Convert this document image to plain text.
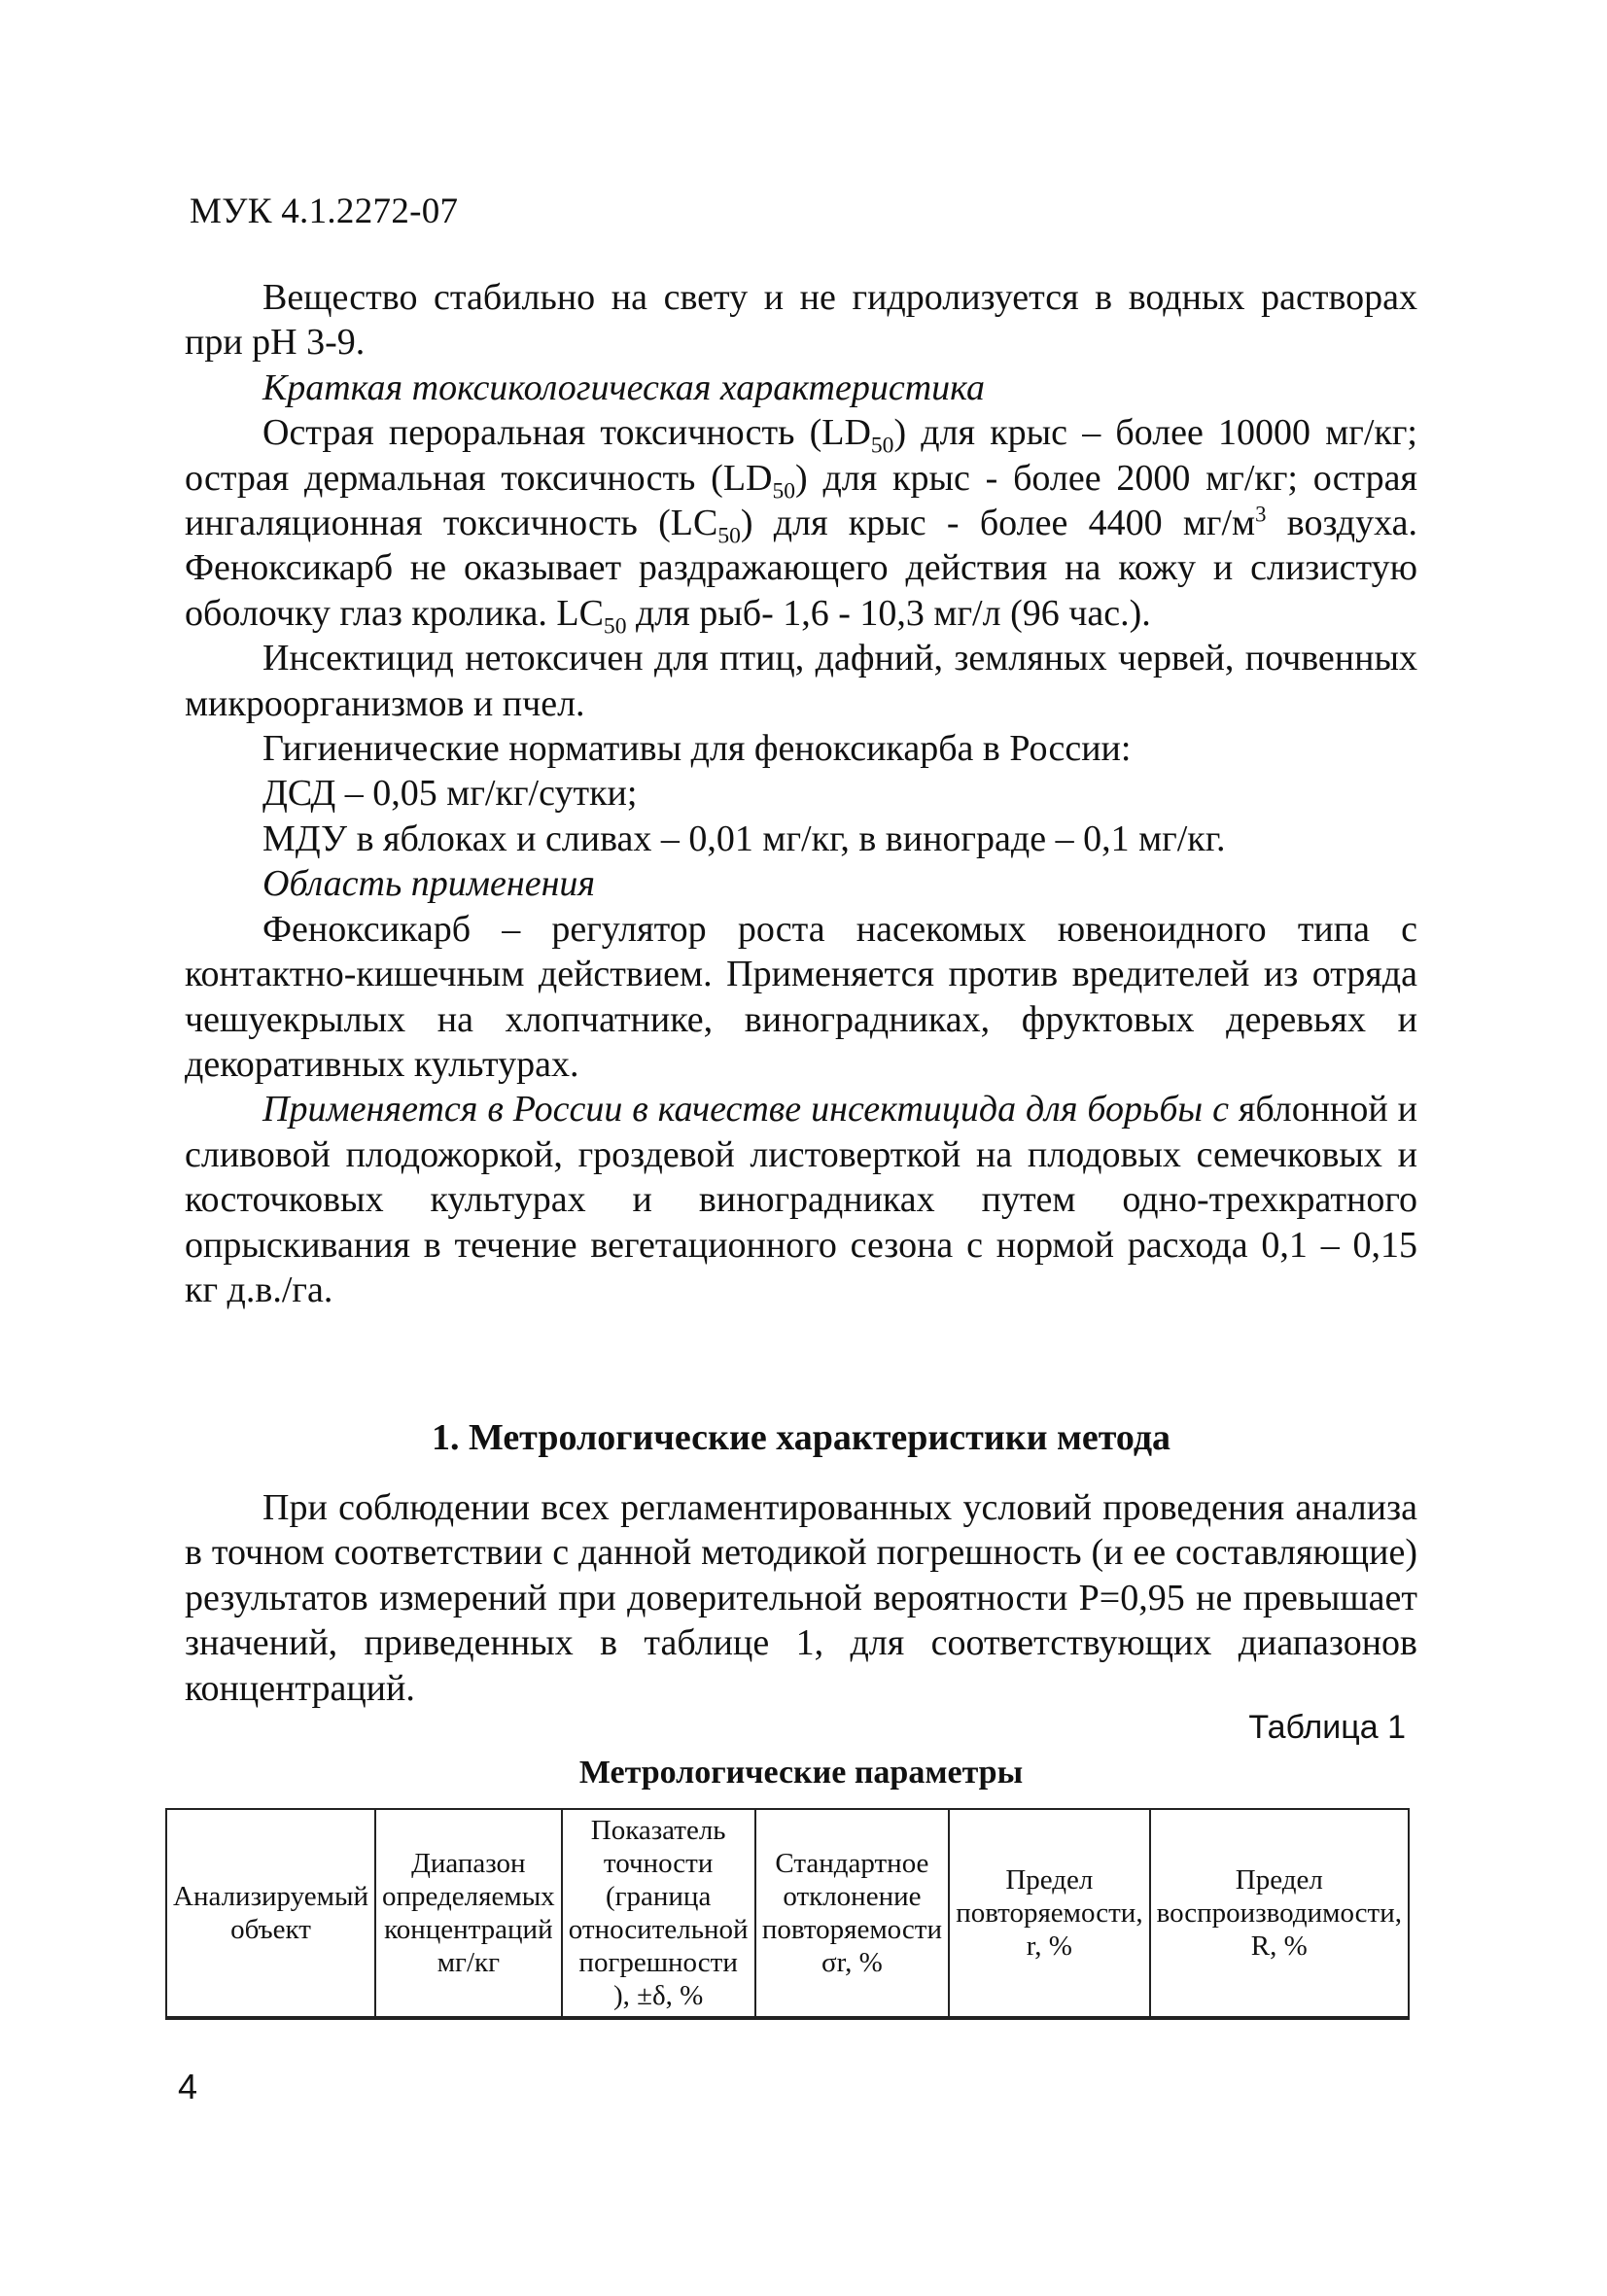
МУК 4.1.2272-07

Вещество стабильно на свету и не гидролизуется в водных растворах при pH 3-9.

Краткая токсикологическая характеристика

Острая пероральная токсичность $(LD_{50})$ для крыс – более 10000 мг/кг; острая дермальная токсичность $(LD_{50})$ для крыс - более 2000 мг/кг; острая ингаляционная токсичность $(LC_{50})$ для крыс - более 4400 $мг/м^3$ воздуха. Феноксикарб не оказывает раздражающего действия на кожу и слизистую оболочку глаз кролика. $LC_{50}$ для рыб- 1,6 - 10,3 мг/л (96 час.).

Инсектицид нетоксичен для птиц, дафний, земляных червей, почвенных микроорганизмов и пчел.

Гигиенические нормативы для феноксикарба в России:

ДСД – 0,05 мг/кг/сутки;

МДУ в яблоках и сливах – 0,01 мг/кг, в винограде – 0,1 мг/кг.

Область применения

Феноксикарб – регулятор роста насекомых ювеноидного типа с контактно-кишечным действием. Применяется против вредителей из отряда чешуекрылых на хлопчатнике, виноградниках, фруктовых деревьях и декоративных культурах.

Применяется в России в качестве инсектицида для борьбы с яблонной и сливовой плодожоркой, гроздевой листоверткой на плодовых семечковых и косточковых культурах и виноградниках путем одно-трехкратного опрыскивания в течение вегетационного сезона с нормой расхода 0,1 – 0,15 кг д.в./га.

1. Метрологические характеристики метода

При соблюдении всех регламентированных условий проведения анализа в точном соответствии с данной методикой погрешность (и ее составляющие) результатов измерений при доверительной вероятности Р=0,95 не превышает значений, приведенных в таблице 1, для соответствующих диапазонов концентраций.

Таблица 1
Метрологические параметры
Анализируемый объект	Диапазон определяемых концентраций мг/кг	Показатель точности (граница относительной погрешности ), ±δ, %	Стандартное отклонение повторяемости σr, %	Предел повторяемости, r, %	Предел воспроизводимости, R, %
4
